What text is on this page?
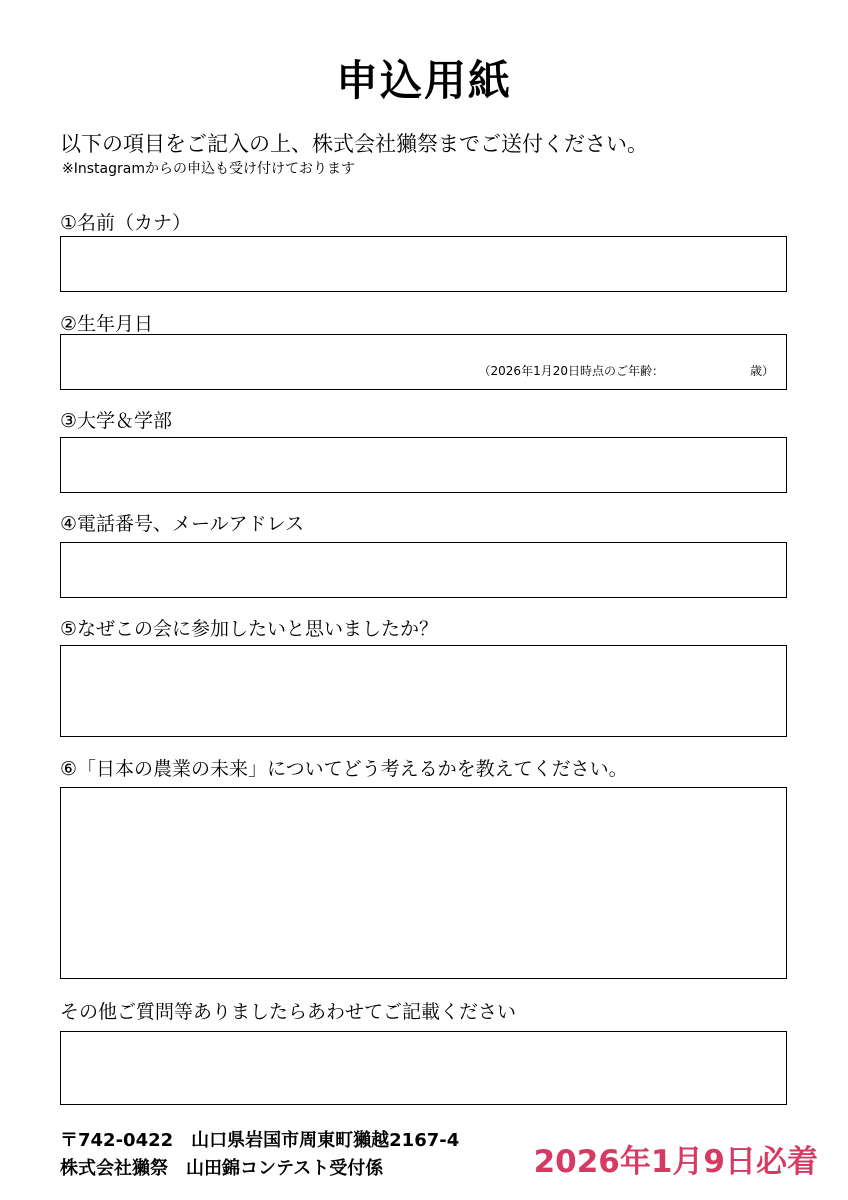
申込用紙
以下の項目をご記入の上、株式会社獺祭までご送付ください。
※Instagramからの申込も受け付けております
①名前（カナ）
②生年月日
（2026年1月20日時点のご年齢：	歳）
③大学＆学部
④電話番号、メールアドレス
⑤なぜこの会に参加したいと思いましたか？
⑥「日本の農業の未来」についてどう考えるかを教えてください。
その他ご質問等ありましたらあわせてご記載ください
〒742-0422　山口県岩国市周東町獺越2167-4
株式会社獺祭　山田錦コンテスト受付係	2026年1月9日必着
